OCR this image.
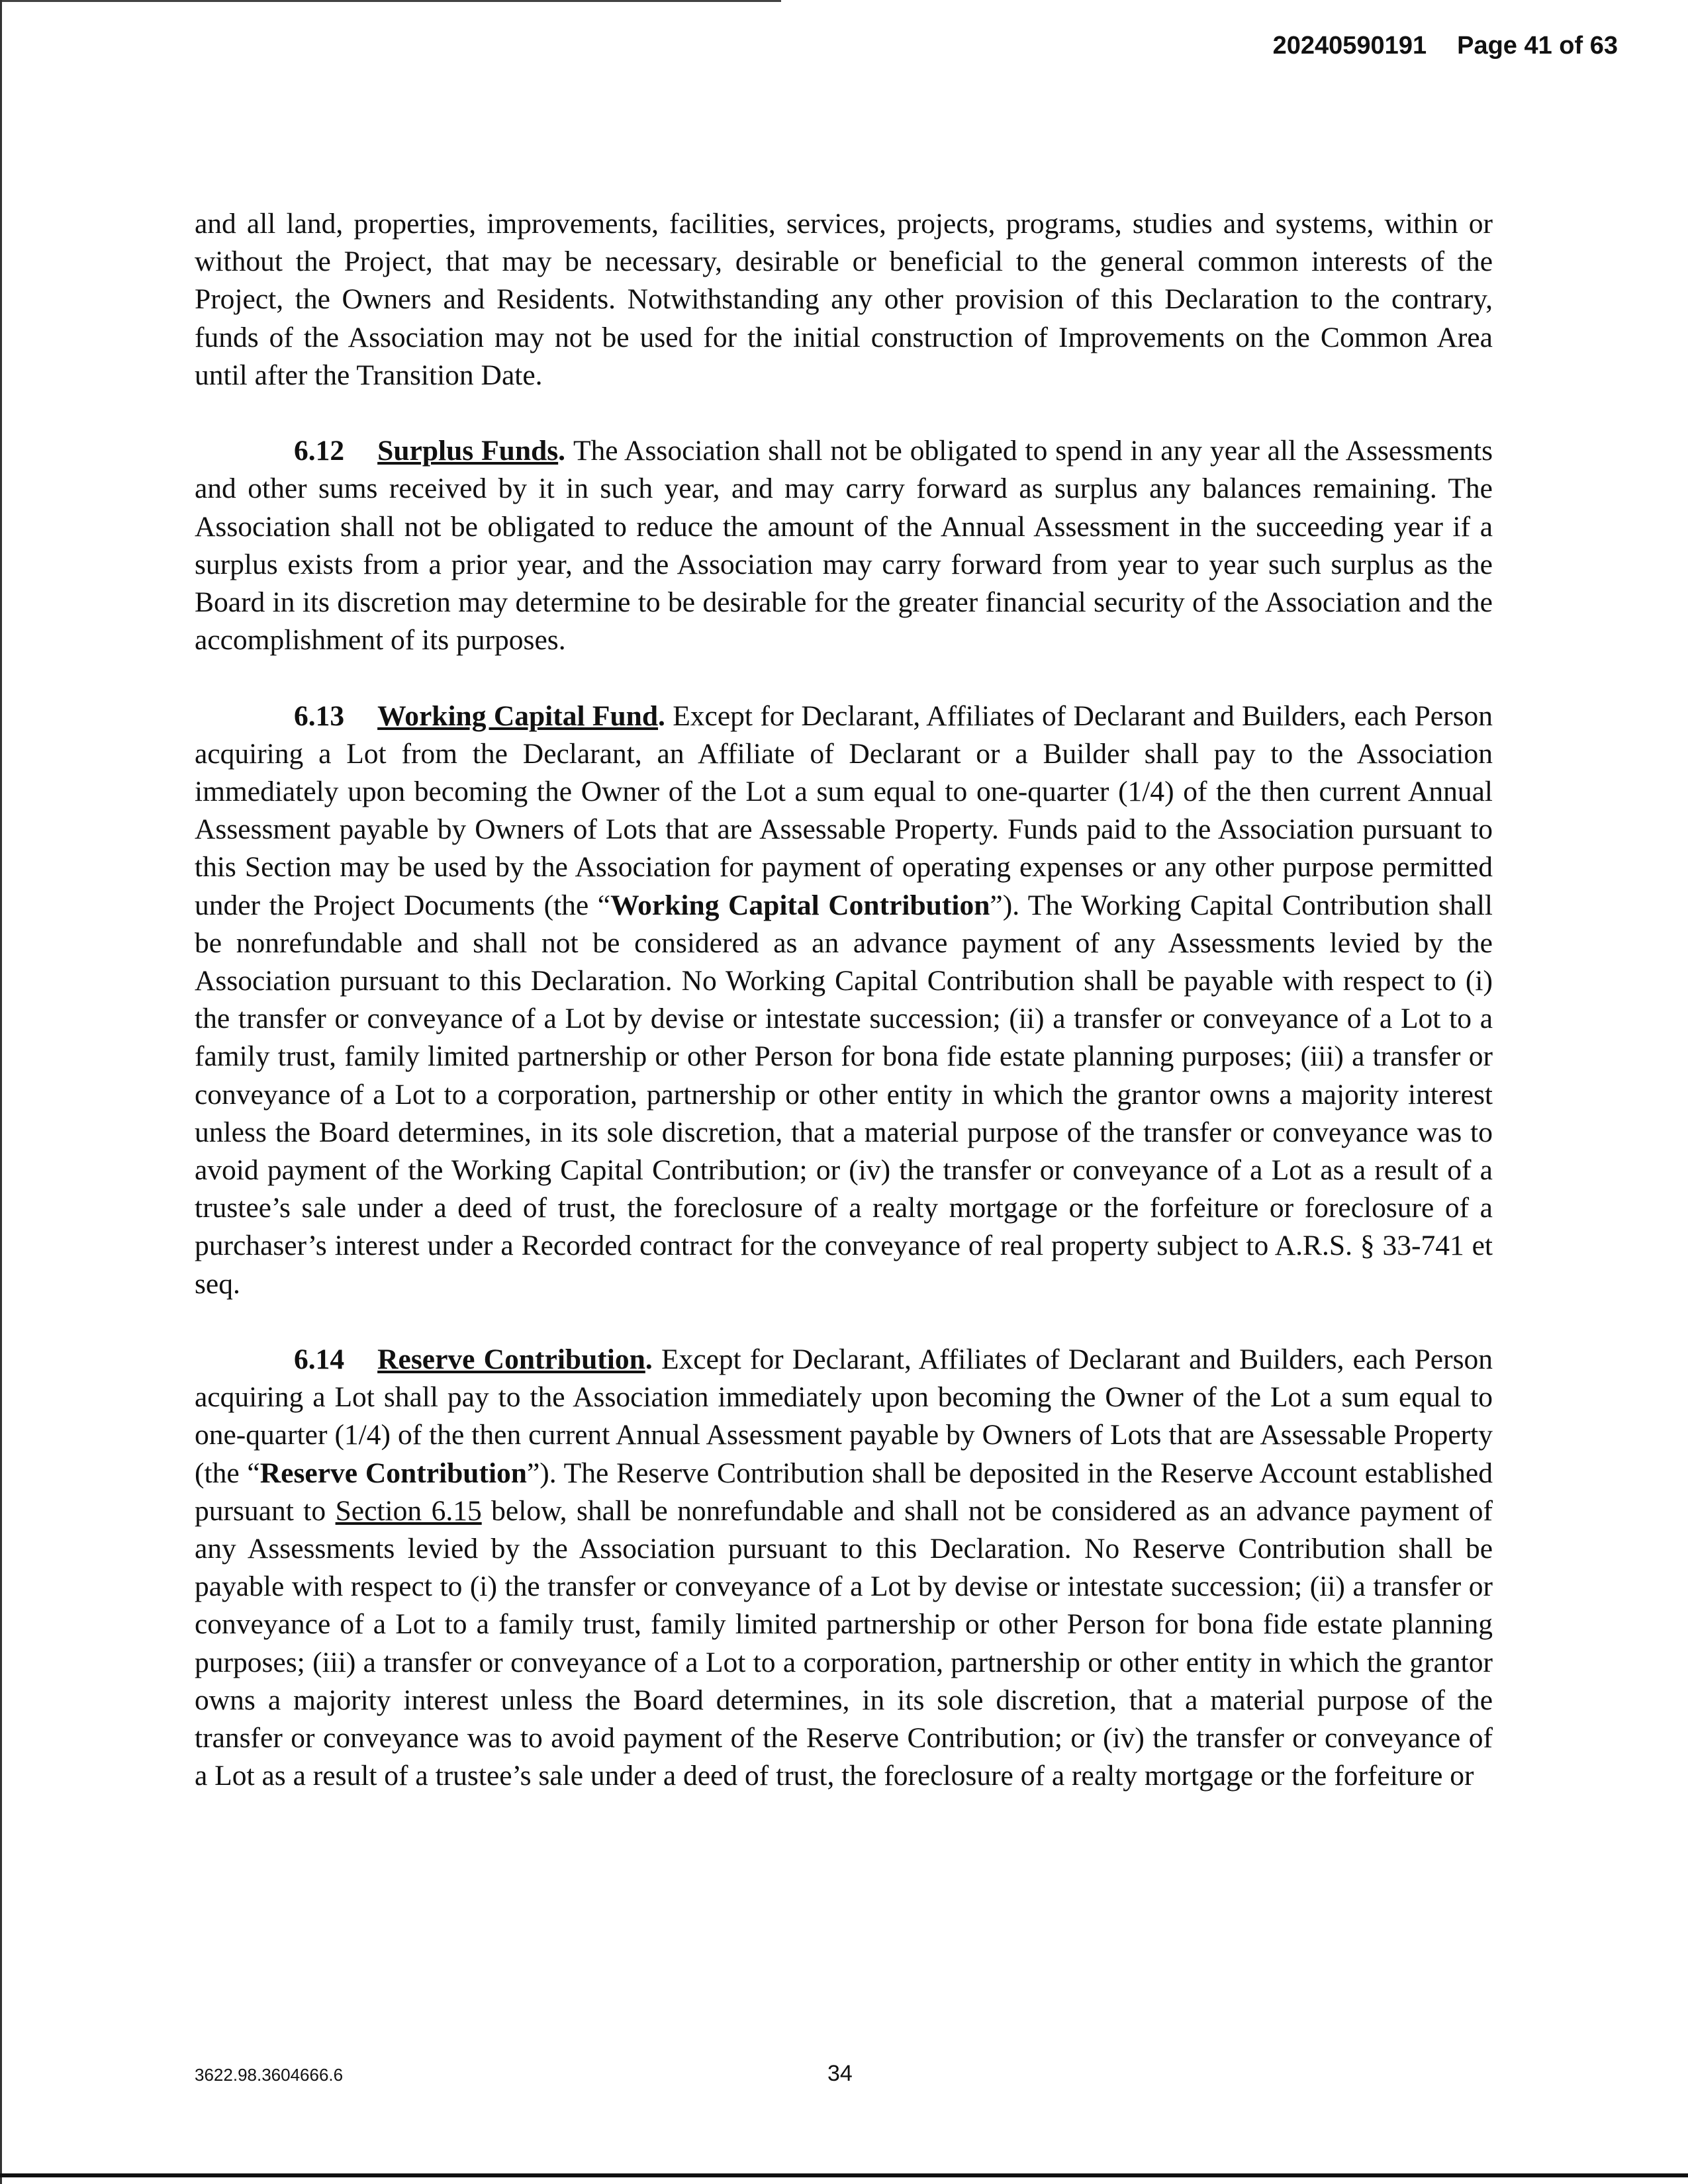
20240590191 Page 41 of 63

and all land, properties, improvements, facilities, services, projects, programs, studies and systems, within or without the Project, that may be necessary, desirable or beneficial to the general common interests of the Project, the Owners and Residents. Notwithstanding any other provision of this Declaration to the contrary, funds of the Association may not be used for the initial construction of Improvements on the Common Area until after the Transition Date.

6.12 Surplus Funds. The Association shall not be obligated to spend in any year all the Assessments and other sums received by it in such year, and may carry forward as surplus any balances remaining. The Association shall not be obligated to reduce the amount of the Annual Assessment in the succeeding year if a surplus exists from a prior year, and the Association may carry forward from year to year such surplus as the Board in its discretion may determine to be desirable for the greater financial security of the Association and the accomplishment of its purposes.

6.13 Working Capital Fund. Except for Declarant, Affiliates of Declarant and Builders, each Person acquiring a Lot from the Declarant, an Affiliate of Declarant or a Builder shall pay to the Association immediately upon becoming the Owner of the Lot a sum equal to one-quarter (1/4) of the then current Annual Assessment payable by Owners of Lots that are Assessable Property. Funds paid to the Association pursuant to this Section may be used by the Association for payment of operating expenses or any other purpose permitted under the Project Documents (the “Working Capital Contribution”). The Working Capital Contribution shall be nonrefundable and shall not be considered as an advance payment of any Assessments levied by the Association pursuant to this Declaration. No Working Capital Contribution shall be payable with respect to (i) the transfer or conveyance of a Lot by devise or intestate succession; (ii) a transfer or conveyance of a Lot to a family trust, family limited partnership or other Person for bona fide estate planning purposes; (iii) a transfer or conveyance of a Lot to a corporation, partnership or other entity in which the grantor owns a majority interest unless the Board determines, in its sole discretion, that a material purpose of the transfer or conveyance was to avoid payment of the Working Capital Contribution; or (iv) the transfer or conveyance of a Lot as a result of a trustee’s sale under a deed of trust, the foreclosure of a realty mortgage or the forfeiture or foreclosure of a purchaser’s interest under a Recorded contract for the conveyance of real property subject to A.R.S. § 33-741 et seq.

6.14 Reserve Contribution. Except for Declarant, Affiliates of Declarant and Builders, each Person acquiring a Lot shall pay to the Association immediately upon becoming the Owner of the Lot a sum equal to one-quarter (1/4) of the then current Annual Assessment payable by Owners of Lots that are Assessable Property (the “Reserve Contribution”). The Reserve Contribution shall be deposited in the Reserve Account established pursuant to Section 6.15 below, shall be nonrefundable and shall not be considered as an advance payment of any Assessments levied by the Association pursuant to this Declaration. No Reserve Contribution shall be payable with respect to (i) the transfer or conveyance of a Lot by devise or intestate succession; (ii) a transfer or conveyance of a Lot to a family trust, family limited partnership or other Person for bona fide estate planning purposes; (iii) a transfer or conveyance of a Lot to a corporation, partnership or other entity in which the grantor owns a majority interest unless the Board determines, in its sole discretion, that a material purpose of the transfer or conveyance was to avoid payment of the Reserve Contribution; or (iv) the transfer or conveyance of a Lot as a result of a trustee’s sale under a deed of trust, the foreclosure of a realty mortgage or the forfeiture or

3622.98.3604666.6	34
